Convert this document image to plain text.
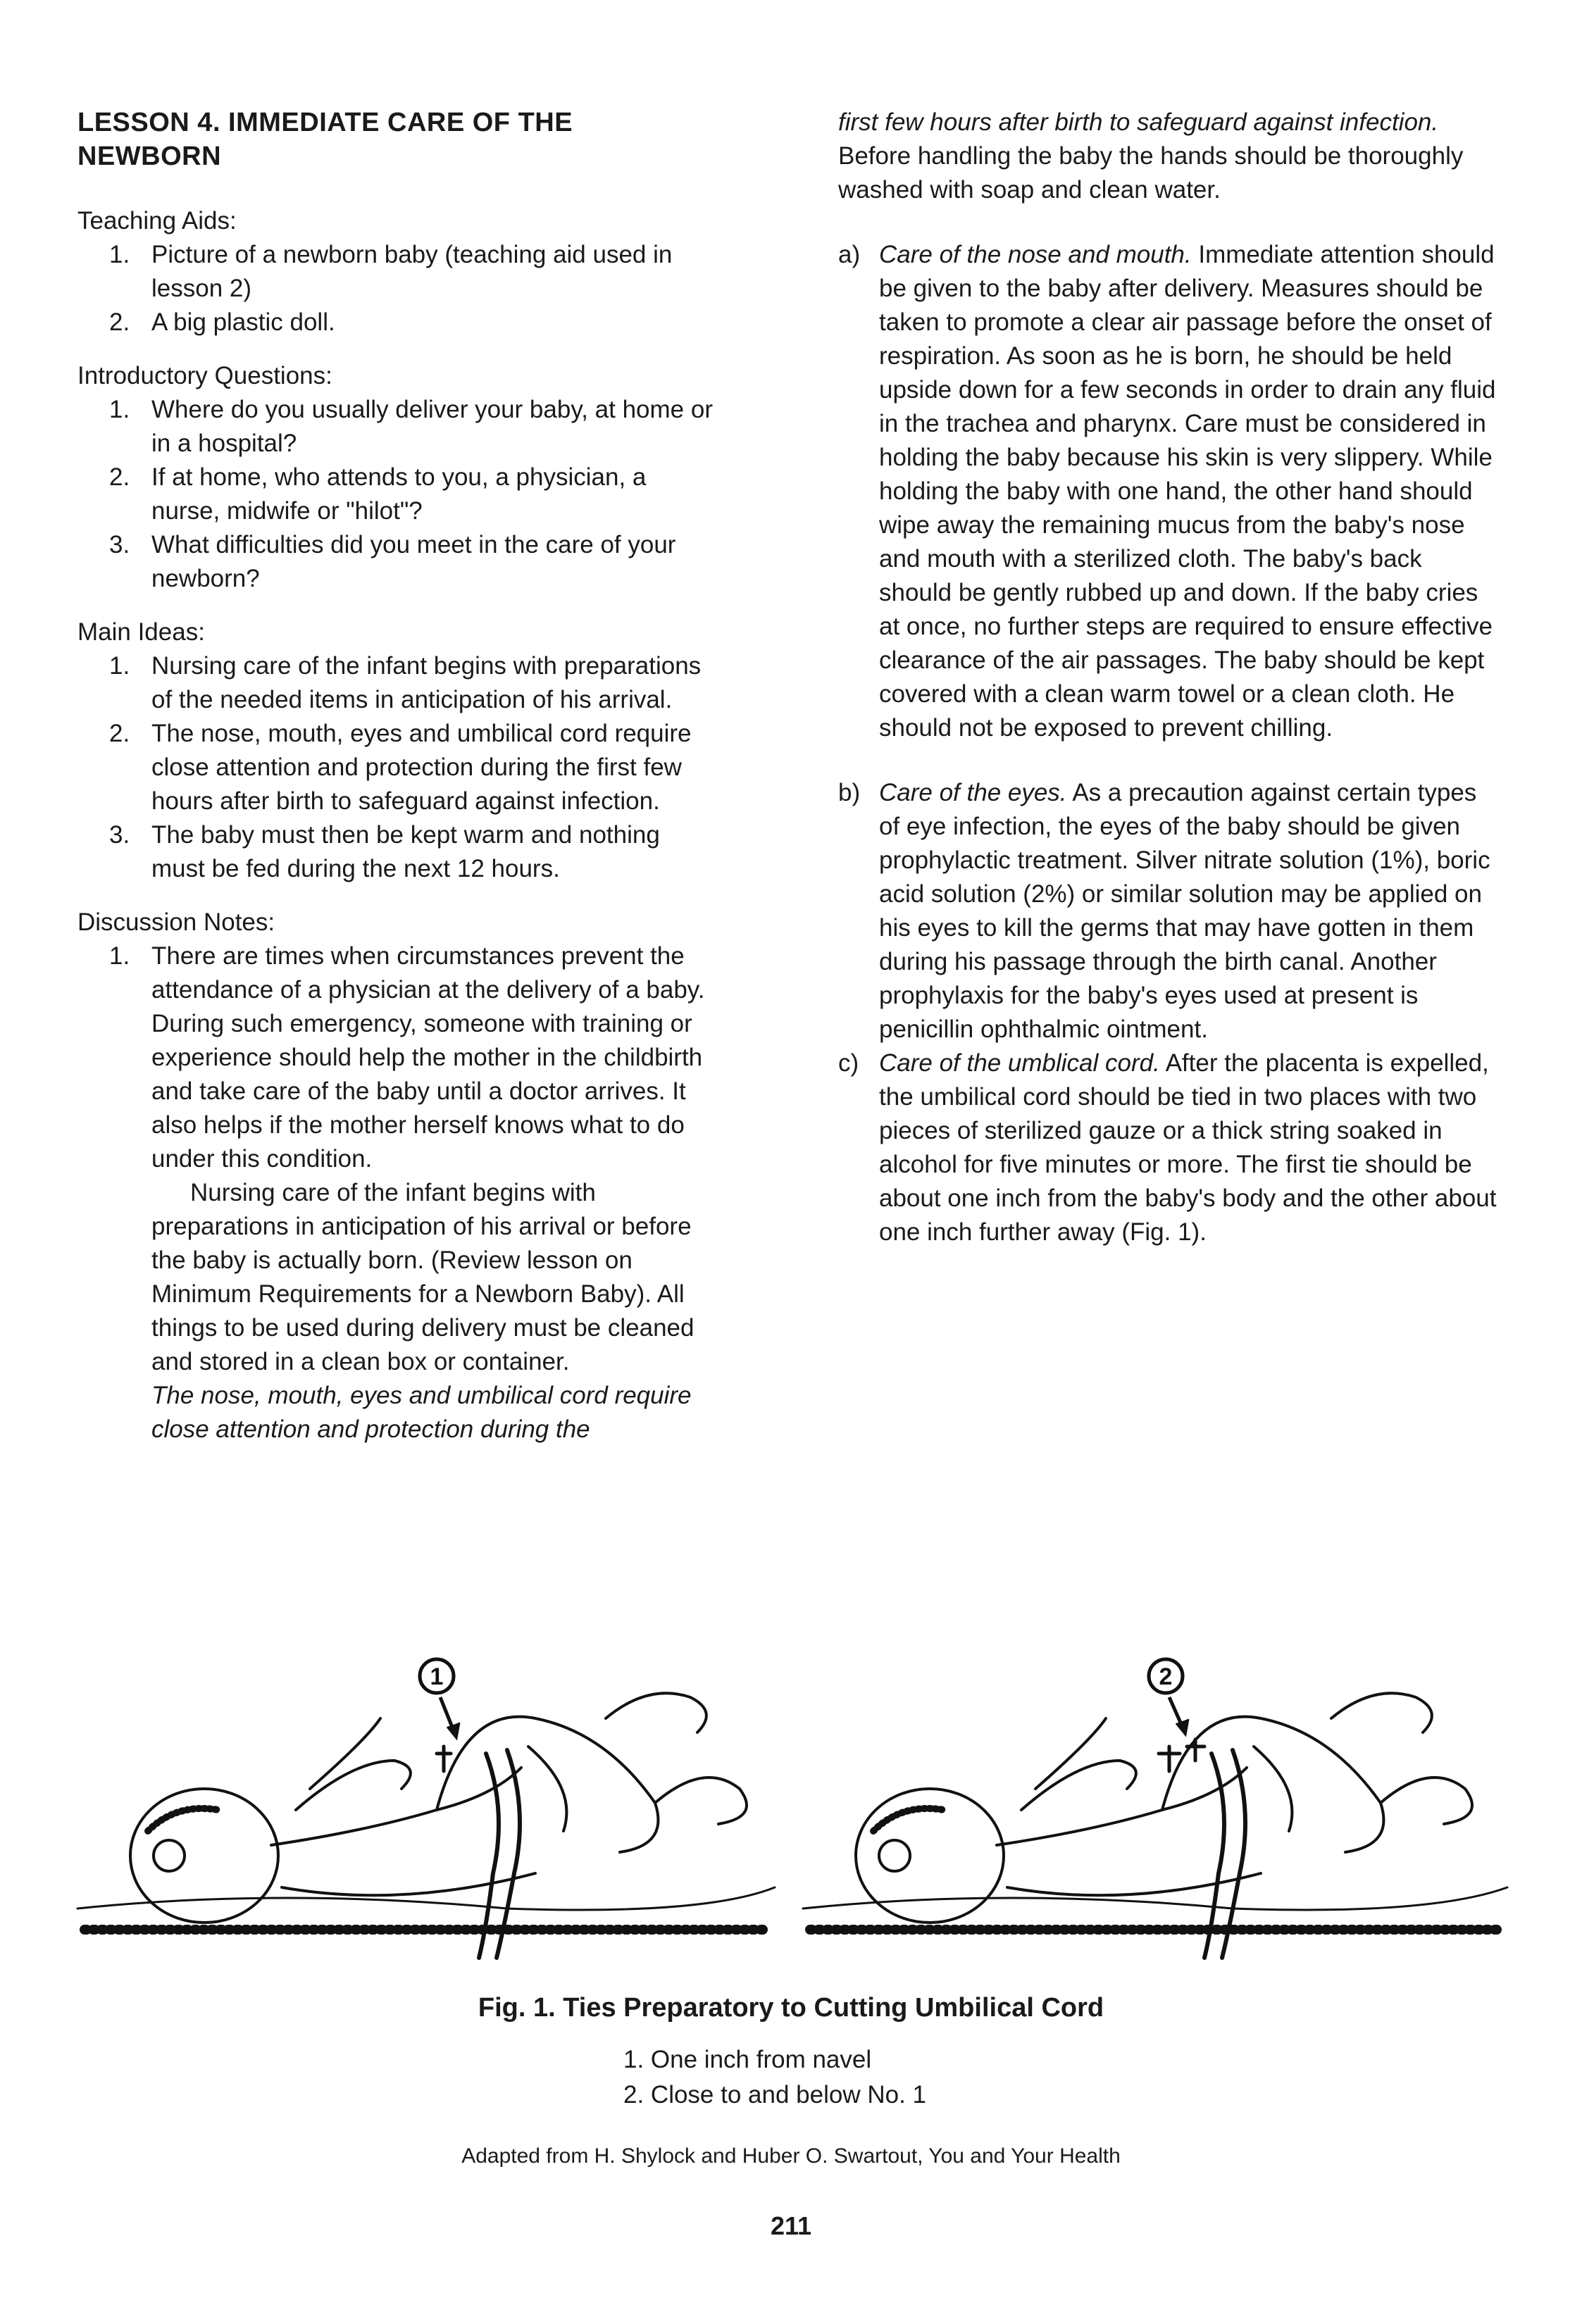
LESSON 4. IMMEDIATE CARE OF THE NEWBORN

Teaching Aids:

1. Picture of a newborn baby (teaching aid used in lesson 2)
2. A big plastic doll.

Introductory Questions:

1. Where do you usually deliver your baby, at home or in a hospital?
2. If at home, who attends to you, a physician, a nurse, midwife or "hilot"?
3. What difficulties did you meet in the care of your newborn?

Main Ideas:

1. Nursing care of the infant begins with preparations of the needed items in anticipation of his arrival.
2. The nose, mouth, eyes and umbilical cord require close attention and protection during the first few hours after birth to safeguard against infection.
3. The baby must then be kept warm and nothing must be fed during the next 12 hours.

Discussion Notes:

1. There are times when circumstances prevent the attendance of a physician at the delivery of a baby. During such emergency, someone with training or experience should help the mother in the childbirth and take care of the baby until a doctor arrives. It also helps if the mother herself knows what to do under this condition.

Nursing care of the infant begins with preparations in anticipation of his arrival or before the baby is actually born. (Review lesson on Minimum Requirements for a Newborn Baby). All things to be used during delivery must be cleaned and stored in a clean box or container.

The nose, mouth, eyes and umbilical cord require close attention and protection during the

first few hours after birth to safeguard against infection. Before handling the baby the hands should be thoroughly washed with soap and clean water.

a) Care of the nose and mouth. Immediate attention should be given to the baby after delivery. Measures should be taken to promote a clear air passage before the onset of respiration. As soon as he is born, he should be held upside down for a few seconds in order to drain any fluid in the trachea and pharynx. Care must be considered in holding the baby because his skin is very slippery. While holding the baby with one hand, the other hand should wipe away the remaining mucus from the baby's nose and mouth with a sterilized cloth. The baby's back should be gently rubbed up and down. If the baby cries at once, no further steps are required to ensure effective clearance of the air passages. The baby should be kept covered with a clean warm towel or a clean cloth. He should not be exposed to prevent chilling.
b) Care of the eyes. As a precaution against certain types of eye infection, the eyes of the baby should be given prophylactic treatment. Silver nitrate solution (1%), boric acid solution (2%) or similar solution may be applied on his eyes to kill the germs that may have gotten in them during his passage through the birth canal. Another prophylaxis for the baby's eyes used at present is penicillin ophthalmic ointment.
c) Care of the umblical cord. After the placenta is expelled, the umbilical cord should be tied in two places with two pieces of sterilized gauze or a thick string soaked in alcohol for five minutes or more. The first tie should be about one inch from the baby's body and the other about one inch further away (Fig. 1).
1	2
Fig. 1. Ties Preparatory to Cutting Umbilical Cord
1. One inch from navel
2. Close to and below No. 1
Adapted from H. Shylock and Huber O. Swartout, You and Your Health
211
